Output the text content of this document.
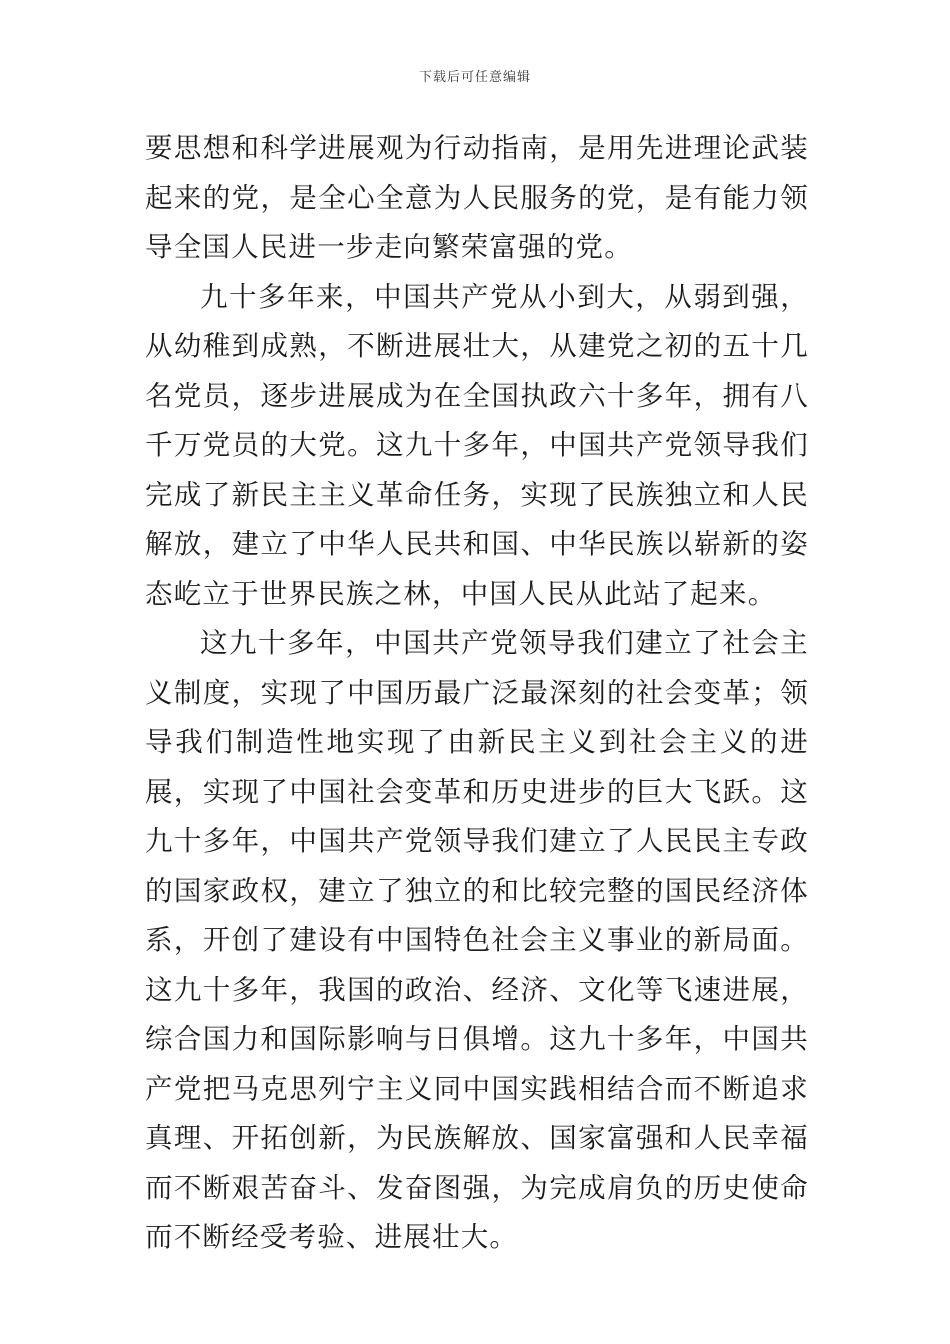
下载后可任意编辑

要思想和科学进展观为行动指南，是用先进理论武装起来的党，是全心全意为人民服务的党，是有能力领导全国人民进一步走向繁荣富强的党。

九十多年来，中国共产党从小到大，从弱到强，从幼稚到成熟，不断进展壮大，从建党之初的五十几名党员，逐步进展成为在全国执政六十多年，拥有八千万党员的大党。这九十多年，中国共产党领导我们完成了新民主主义革命任务，实现了民族独立和人民解放，建立了中华人民共和国、中华民族以崭新的姿态屹立于世界民族之林，中国人民从此站了起来。

这九十多年，中国共产党领导我们建立了社会主义制度，实现了中国历最广泛最深刻的社会变革；领导我们制造性地实现了由新民主义到社会主义的进展，实现了中国社会变革和历史进步的巨大飞跃。这九十多年，中国共产党领导我们建立了人民民主专政的国家政权，建立了独立的和比较完整的国民经济体系，开创了建设有中国特色社会主义事业的新局面。这九十多年，我国的政治、经济、文化等飞速进展，综合国力和国际影响与日俱增。这九十多年，中国共产党把马克思列宁主义同中国实践相结合而不断追求真理、开拓创新，为民族解放、国家富强和人民幸福而不断艰苦奋斗、发奋图强，为完成肩负的历史使命而不断经受考验、进展壮大。
